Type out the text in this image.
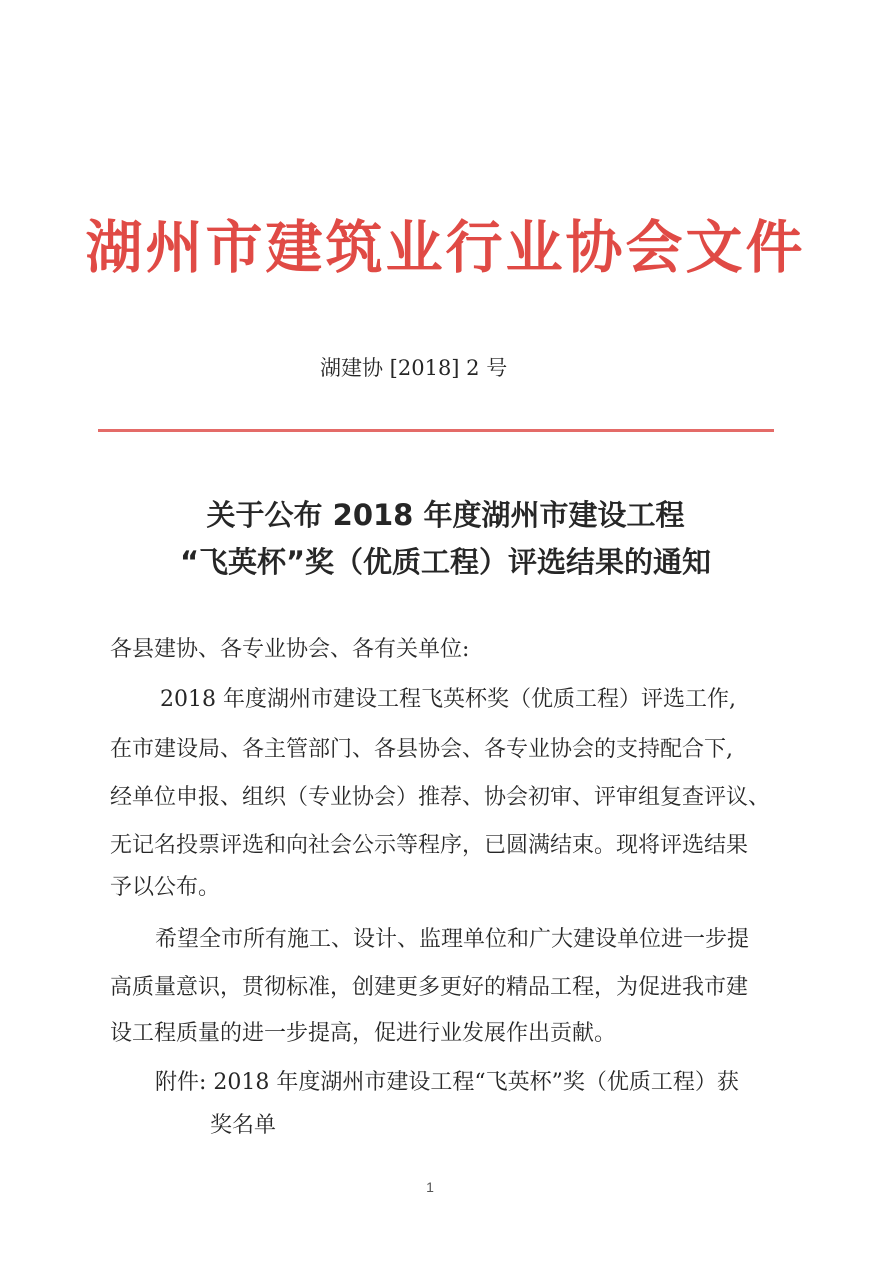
湖州市建筑业行业协会文件
湖建协 [2018] 2 号
关于公布 2018 年度湖州市建设工程
“飞英杯”奖（优质工程）评选结果的通知
各县建协、各专业协会、各有关单位:
2018 年度湖州市建设工程飞英杯奖（优质工程）评选工作,
在市建设局、各主管部门、各县协会、各专业协会的支持配合下,
经单位申报、组织（专业协会）推荐、协会初审、评审组复查评议、
无记名投票评选和向社会公示等程序，已圆满结束。现将评选结果
予以公布。
希望全市所有施工、设计、监理单位和广大建设单位进一步提
高质量意识，贯彻标准，创建更多更好的精品工程，为促进我市建
设工程质量的进一步提高，促进行业发展作出贡献。
附件: 2018 年度湖州市建设工程“飞英杯”奖（优质工程）获
奖名单
1
